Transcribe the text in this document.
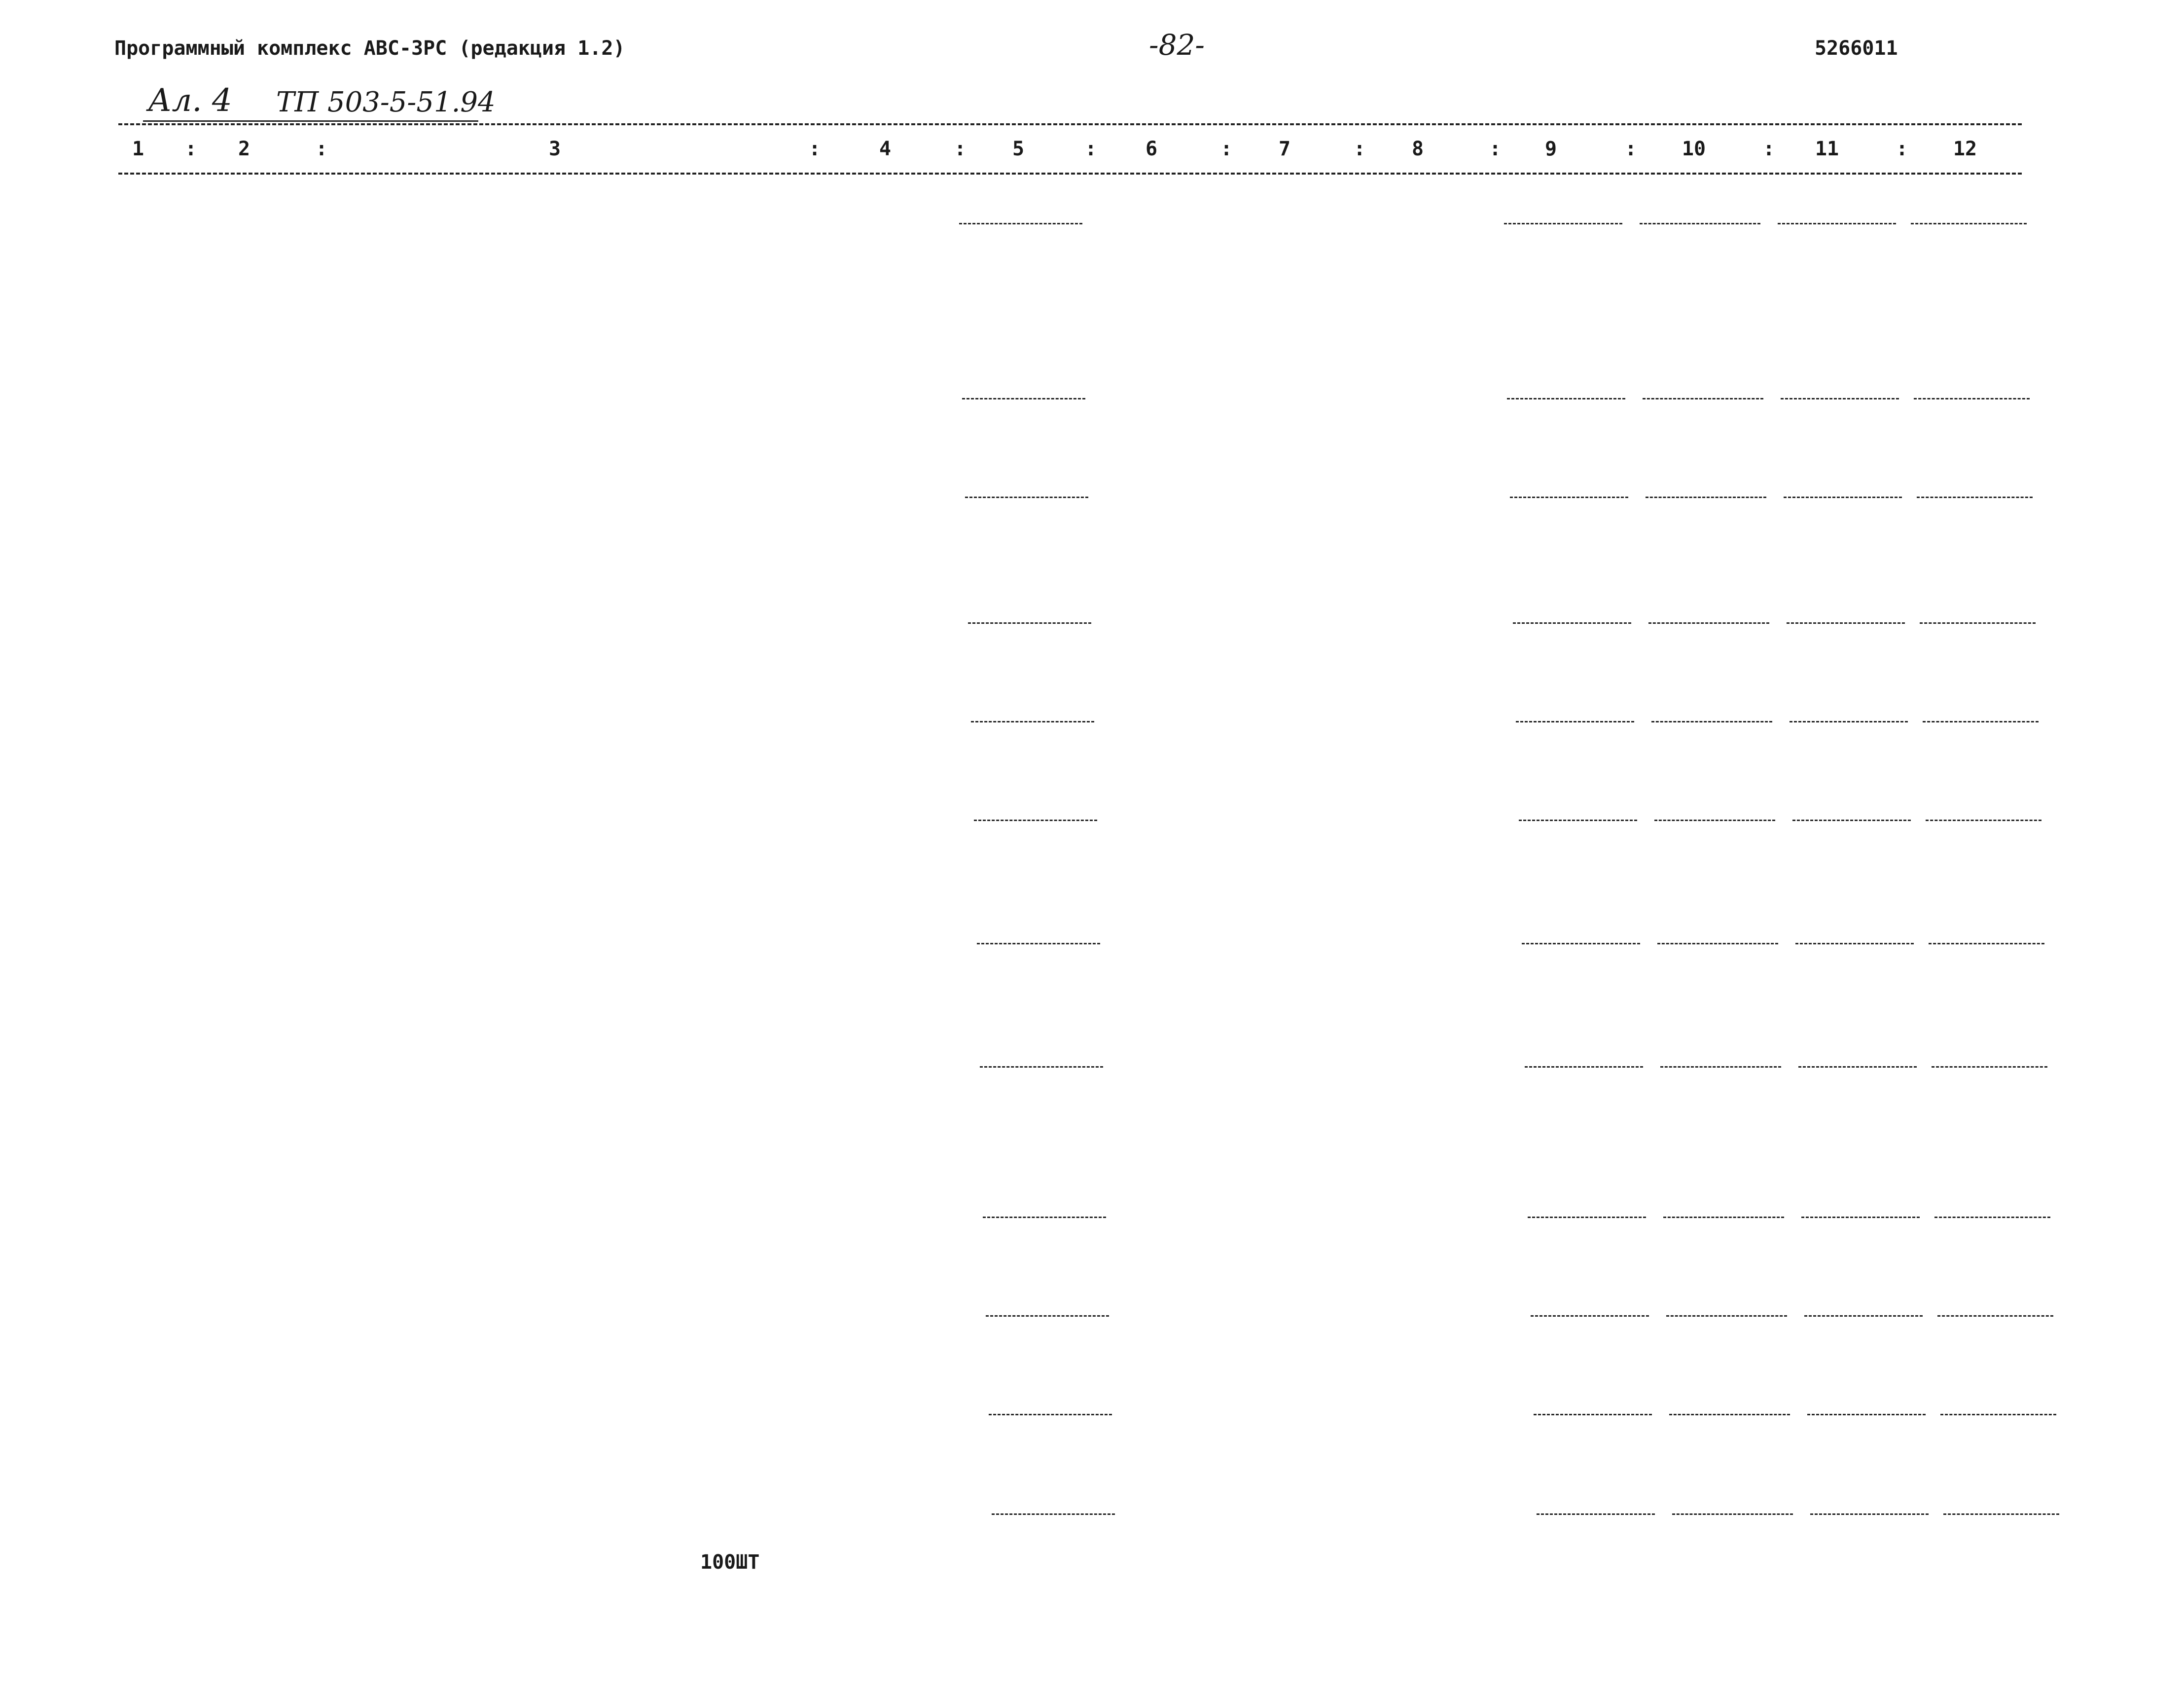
Программный комплекс АВС-3РС (редакция 1.2)	-82-	5266011
Ал. 4 ТП 503-5-51.94
1	2	3	4	5	6	7	8	9	10	11	12
:	:	:	:	:	:	:	:	:	:	:
100ШТ
